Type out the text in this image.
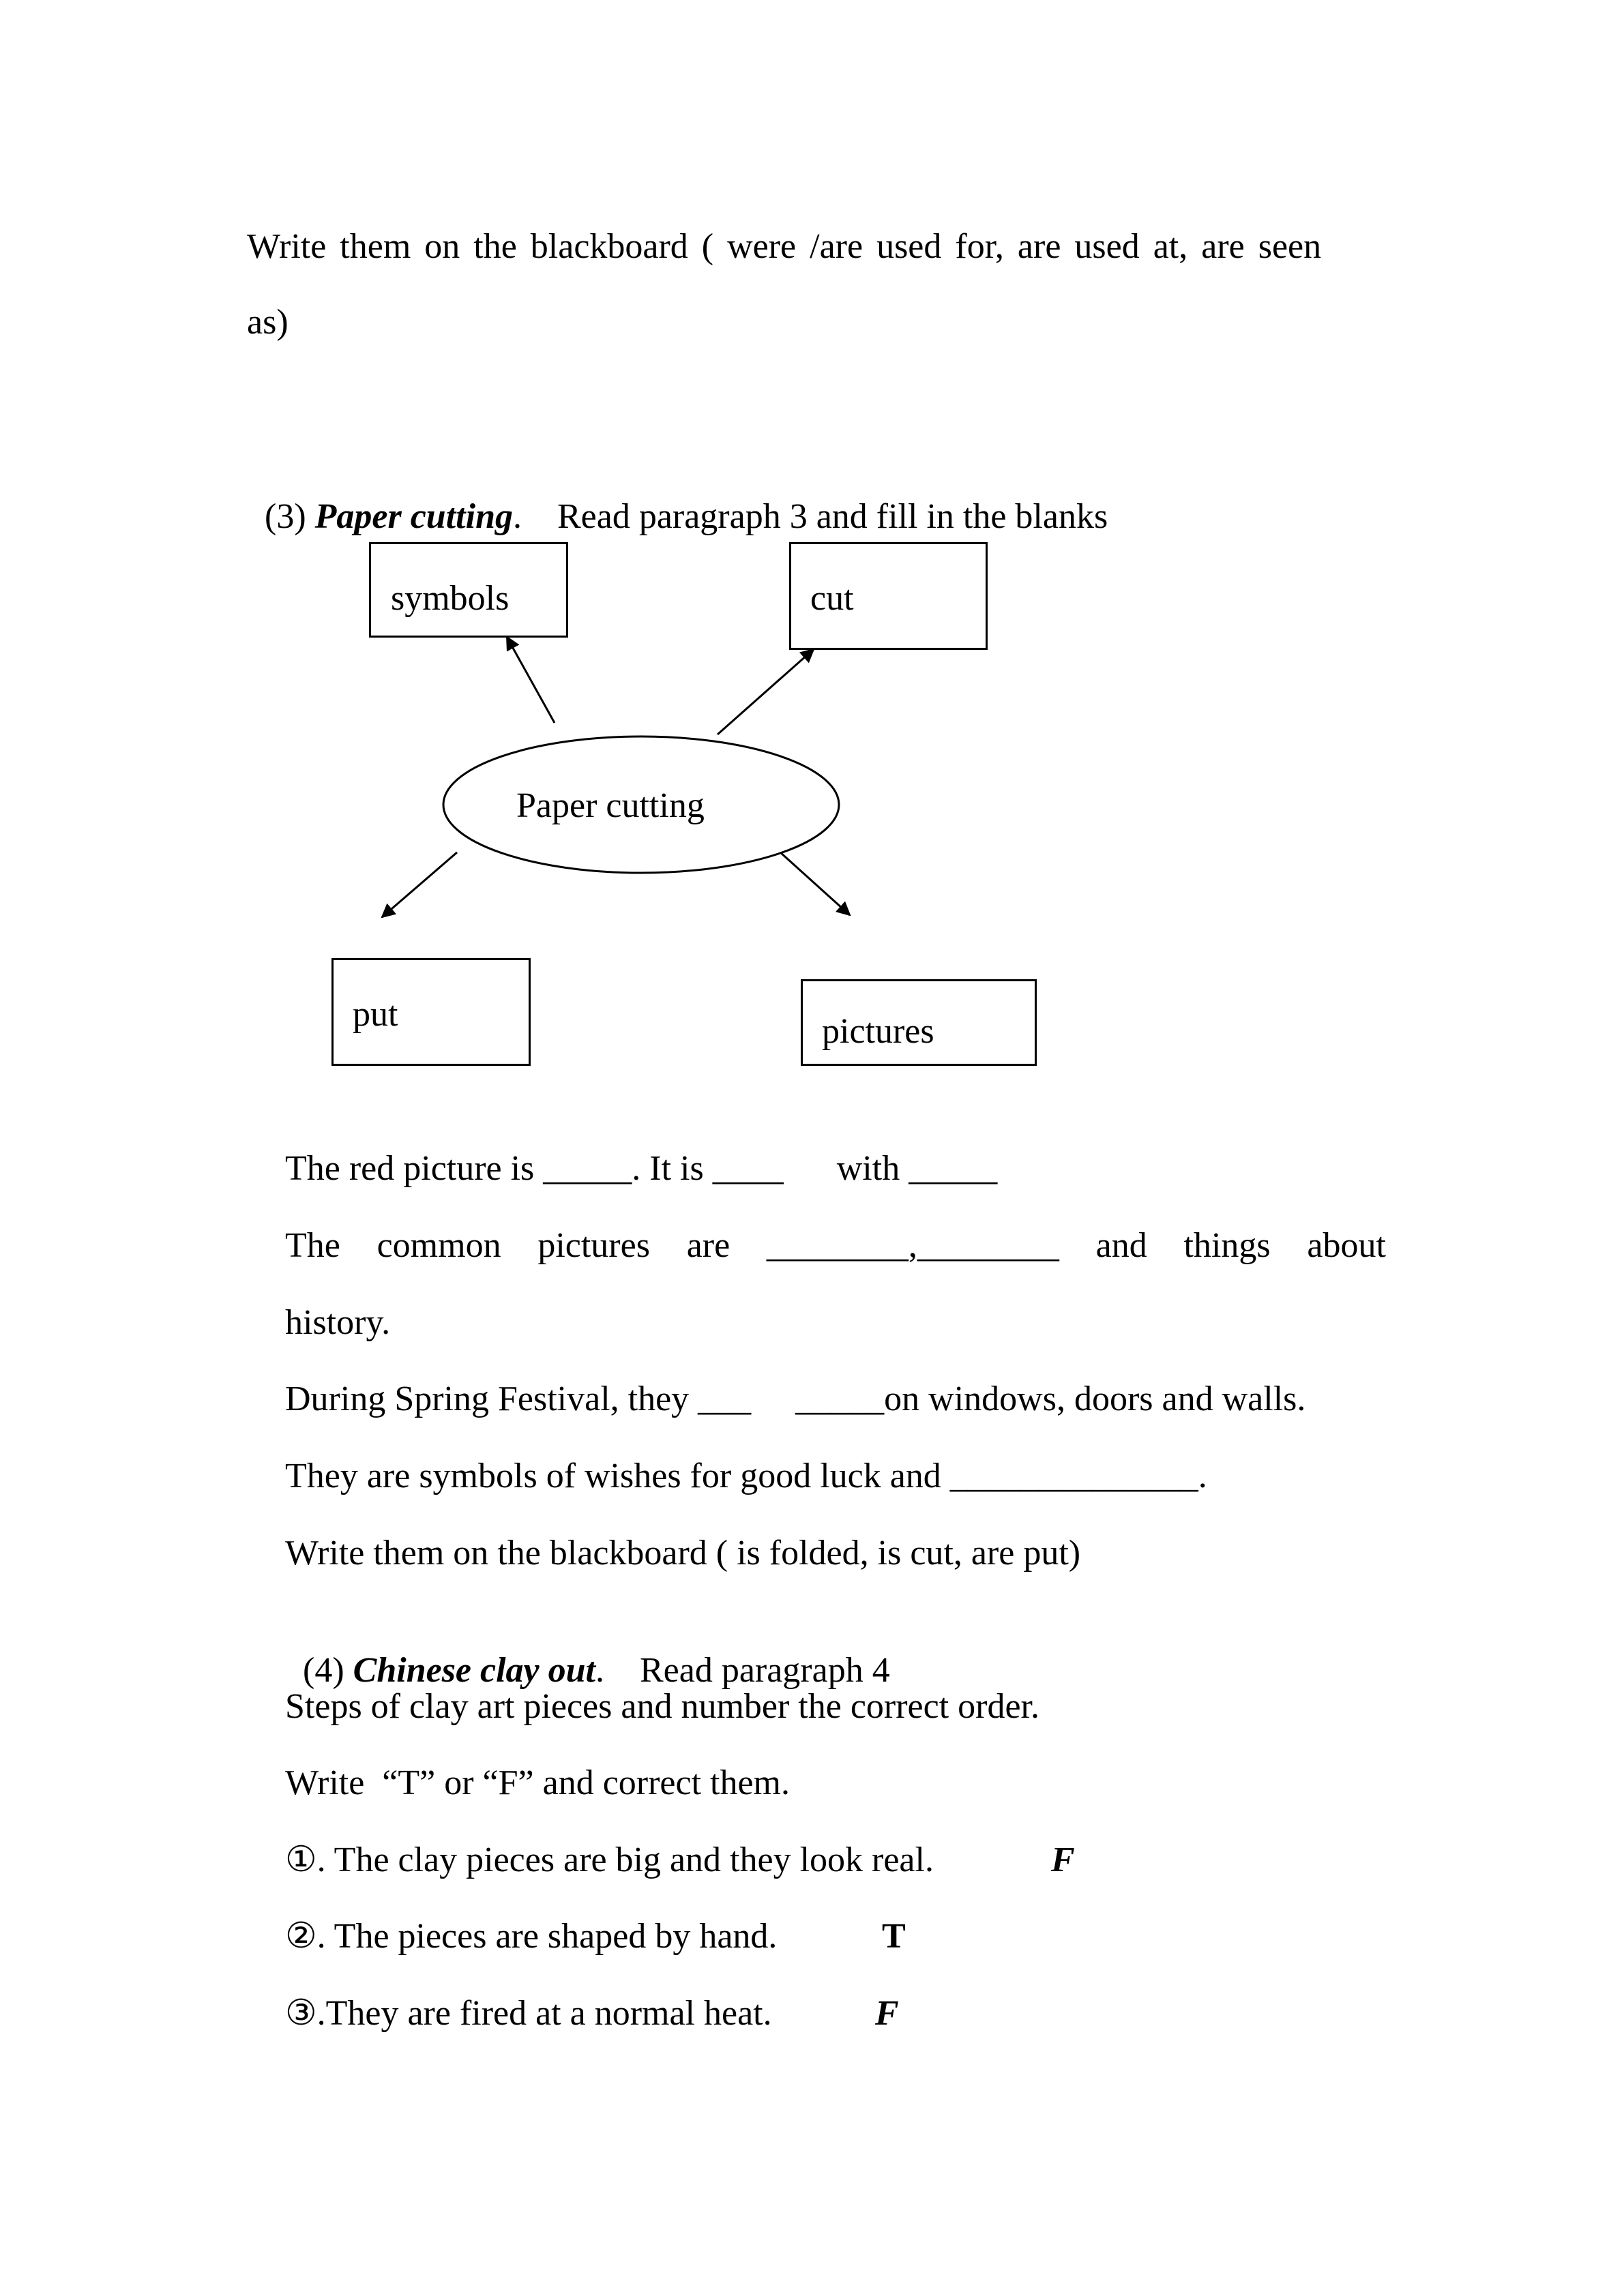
Write them on the blackboard ( were /are used for, are used at, are seen
as)

(3) Paper cutting. Read paragraph 3 and fill in the blanks

Paper cutting
symbols	cut
put	pictures
The red picture is _____. It is ____      with _____
The common pictures are ________,________ and things about
history.
During Spring Festival, they ___     _____on windows, doors and walls.
They are symbols of wishes for good luck and ______________.
Write them on the blackboard ( is folded, is cut, are put)

(4) Chinese clay out. Read paragraph 4

Steps of clay art pieces and number the correct order.
Write  “T” or “F” and correct them.
①. The clay pieces are big and they look real.	F
②. The pieces are shaped by hand.	T
③.They are fired at a normal heat.	F
